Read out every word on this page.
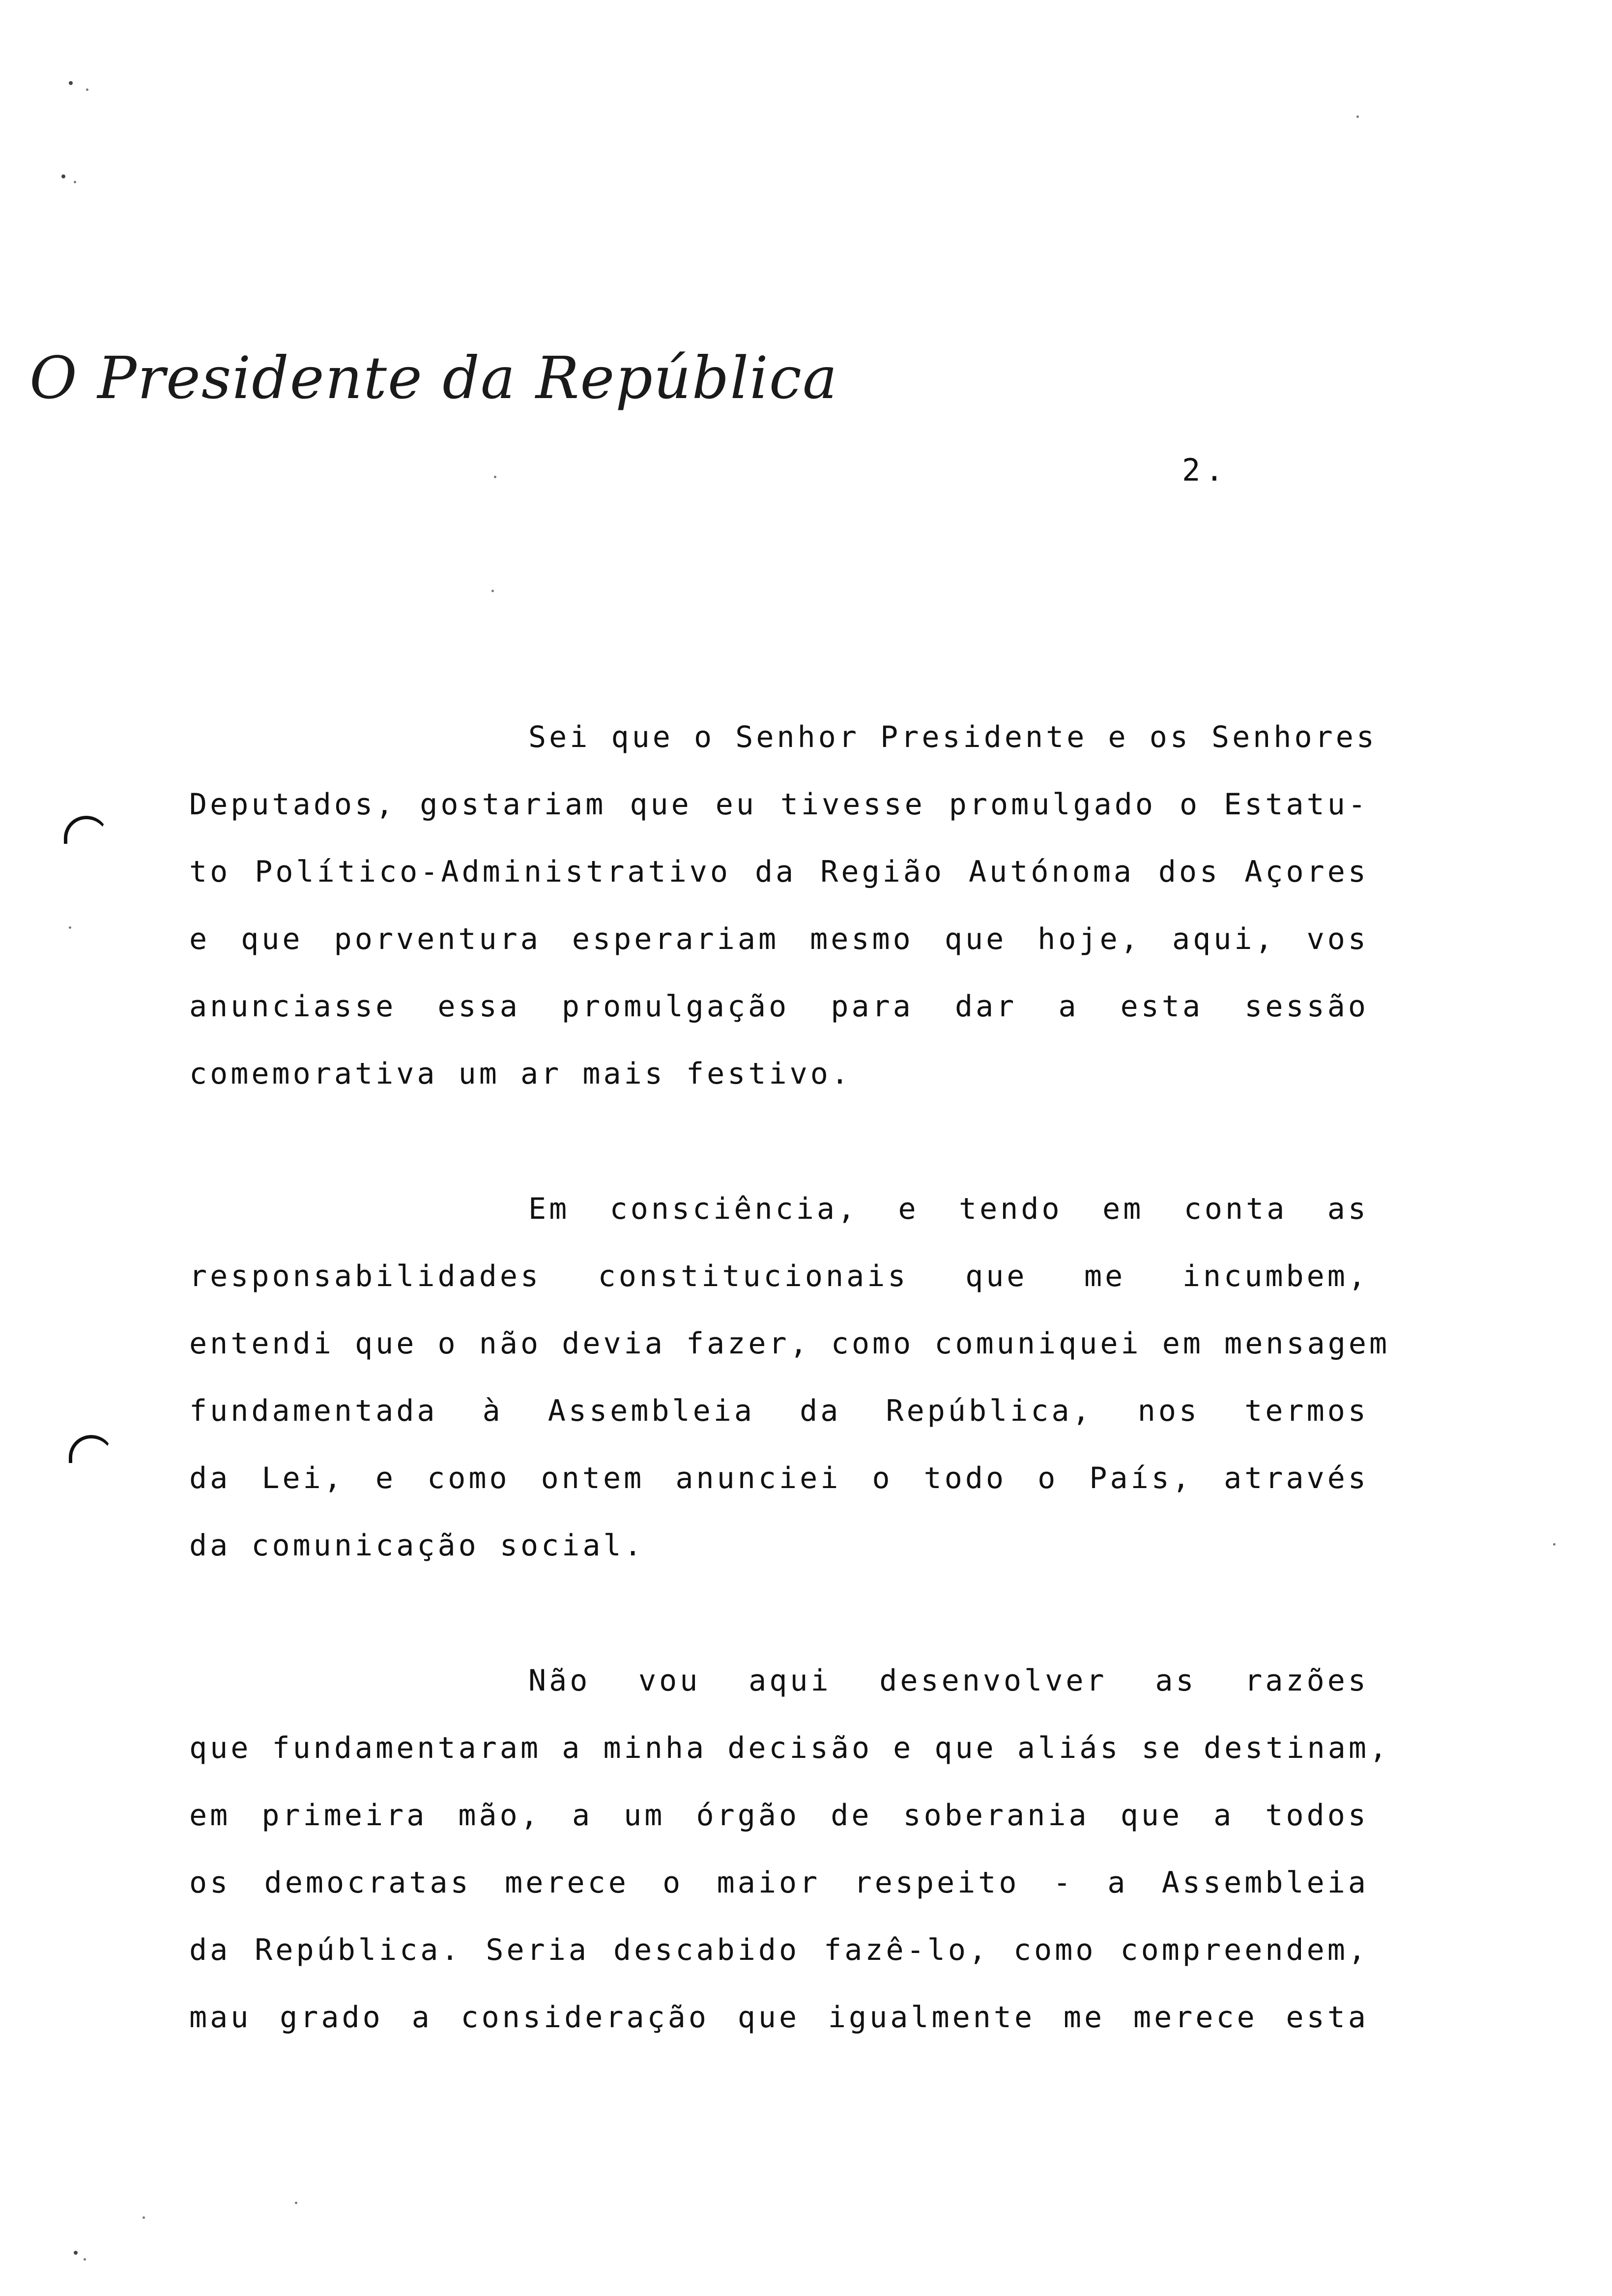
O Presidente da República
2.
Sei que o Senhor Presidente e os Senhores
Deputados, gostariam que eu tivesse promulgado o Estatu-
to Político-Administrativo da Região Autónoma dos Açores
e que porventura esperariam mesmo que hoje, aqui, vos
anunciasse essa promulgação para dar a esta sessão
comemorativa um ar mais festivo.
Em consciência, e tendo em conta as
responsabilidades constitucionais que me incumbem,
entendi que o não devia fazer, como comuniquei em mensagem
fundamentada à Assembleia da República, nos termos
da Lei, e como ontem anunciei o todo o País, através
da comunicação social.
Não vou aqui desenvolver as razões
que fundamentaram a minha decisão e que aliás se destinam,
em primeira mão, a um órgão de soberania que a todos
os democratas merece o maior respeito - a Assembleia
da República. Seria descabido fazê-lo, como compreendem,
mau grado a consideração que igualmente me merece esta
